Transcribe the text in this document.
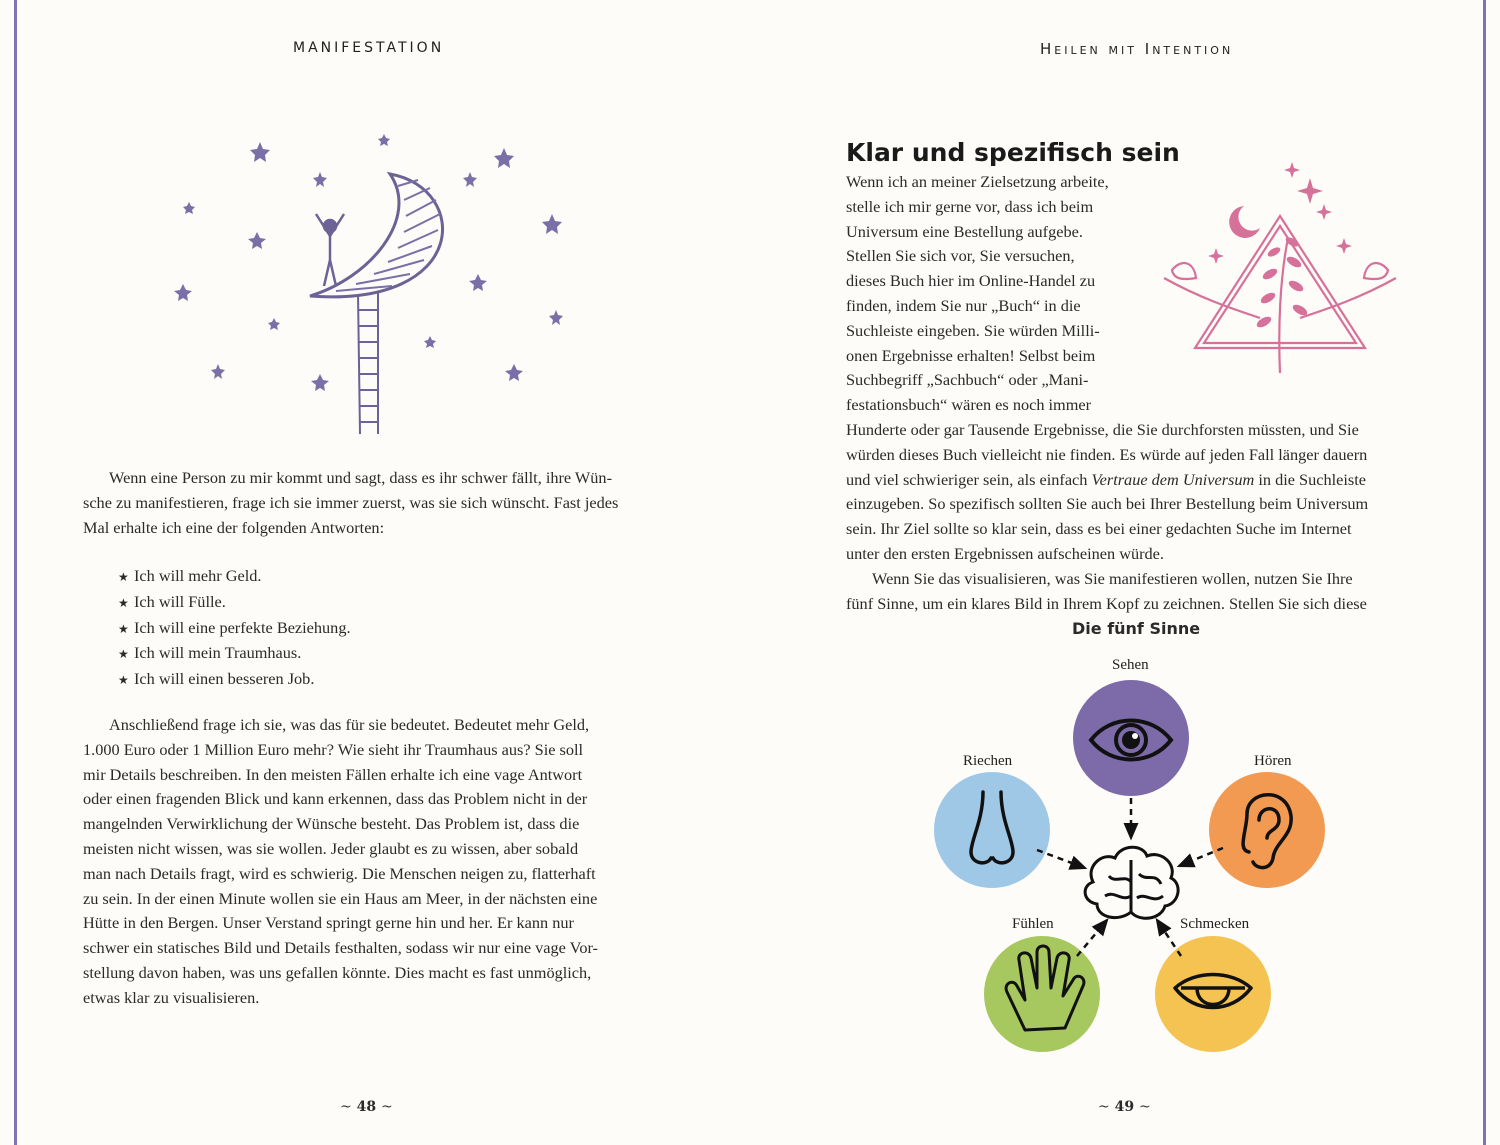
MANIFESTATION
Wenn eine Person zu mir kommt und sagt, dass es ihr schwer fällt, ihre Wün-
sche zu manifestieren, frage ich sie immer zuerst, was sie sich wünscht. Fast jedes
Mal erhalte ich eine der folgenden Antworten:
★ Ich will mehr Geld.
★ Ich will Fülle.
★ Ich will eine perfekte Beziehung.
★ Ich will mein Traumhaus.
★ Ich will einen besseren Job.
Anschließend frage ich sie, was das für sie bedeutet. Bedeutet mehr Geld,
1.000 Euro oder 1 Million Euro mehr? Wie sieht ihr Traumhaus aus? Sie soll
mir Details beschreiben. In den meisten Fällen erhalte ich eine vage Antwort
oder einen fragenden Blick und kann erkennen, dass das Problem nicht in der
mangelnden Verwirklichung der Wünsche besteht. Das Problem ist, dass die
meisten nicht wissen, was sie wollen. Jeder glaubt es zu wissen, aber sobald
man nach Details fragt, wird es schwierig. Die Menschen neigen zu, flatterhaft
zu sein. In der einen Minute wollen sie ein Haus am Meer, in der nächsten eine
Hütte in den Bergen. Unser Verstand springt gerne hin und her. Er kann nur
schwer ein statisches Bild und Details festhalten, sodass wir nur eine vage Vor-
stellung davon haben, was uns gefallen könnte. Dies macht es fast unmöglich,
etwas klar zu visualisieren.
~ 48 ~
Heilen mit Intention
Klar und spezifisch sein
Wenn ich an meiner Zielsetzung arbeite,
stelle ich mir gerne vor, dass ich beim
Universum eine Bestellung aufgebe.
Stellen Sie sich vor, Sie versuchen,
dieses Buch hier im Online-Handel zu
finden, indem Sie nur „Buch“ in die
Suchleiste eingeben. Sie würden Milli-
onen Ergebnisse erhalten! Selbst beim
Suchbegriff „Sachbuch“ oder „Mani-
festationsbuch“ wären es noch immer
Hunderte oder gar Tausende Ergebnisse, die Sie durchforsten müssten, und Sie
würden dieses Buch vielleicht nie finden. Es würde auf jeden Fall länger dauern
und viel schwieriger sein, als einfach Vertraue dem Universum in die Suchleiste
einzugeben. So spezifisch sollten Sie auch bei Ihrer Bestellung beim Universum
sein. Ihr Ziel sollte so klar sein, dass es bei einer gedachten Suche im Internet
unter den ersten Ergebnissen aufscheinen würde.
Wenn Sie das visualisieren, was Sie manifestieren wollen, nutzen Sie Ihre
fünf Sinne, um ein klares Bild in Ihrem Kopf zu zeichnen. Stellen Sie sich diese
Die fünf Sinne
Sehen
Riechen	Hören
Fühlen	Schmecken
~ 49 ~
